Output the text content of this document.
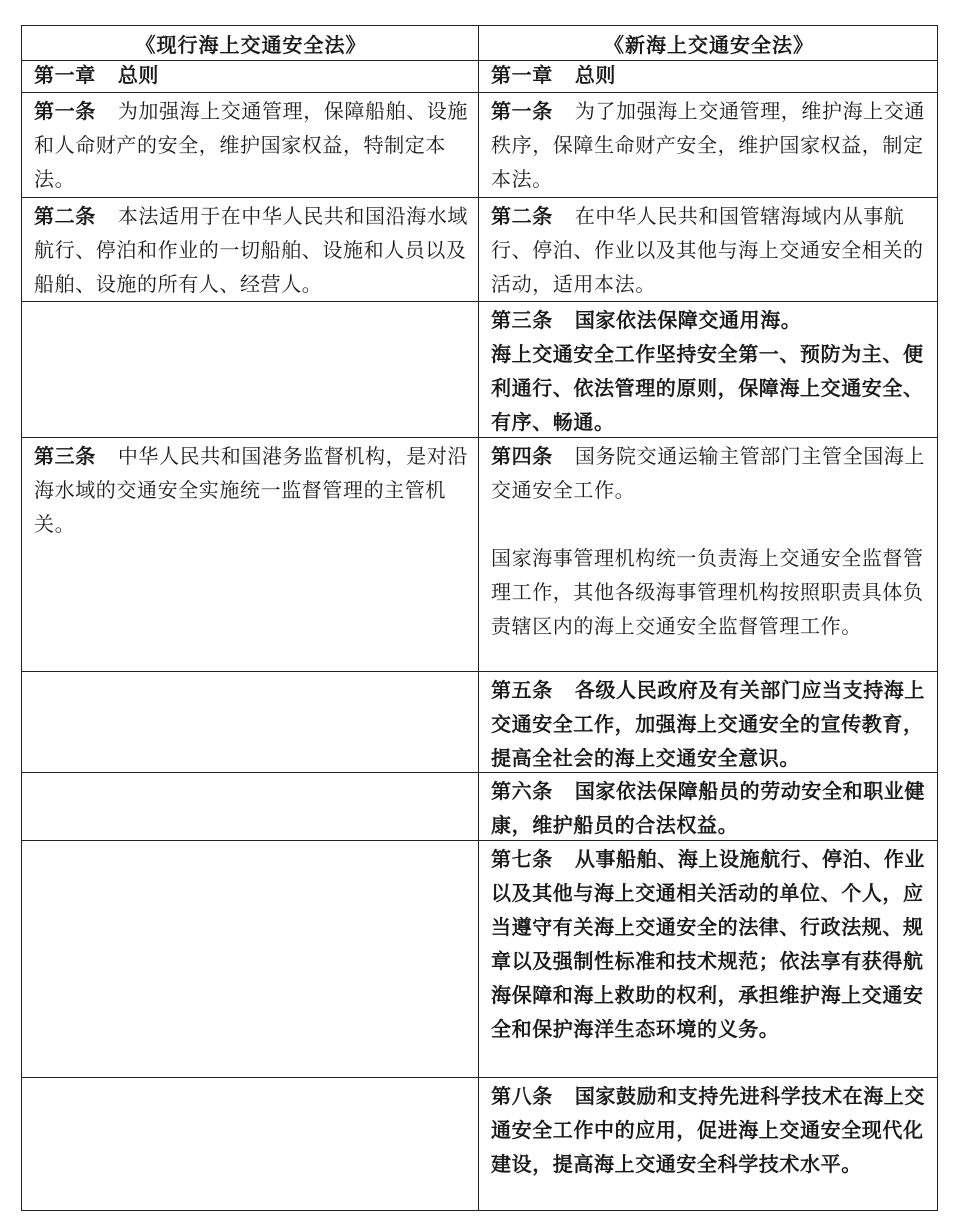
《现行海上交通安全法》	《新海上交通安全法》
第一章 总则	第一章 总则
第一条 为加强海上交通管理，保障船舶、设施和人命财产的安全，维护国家权益，特制定本法。
第一条 为了加强海上交通管理，维护海上交通秩序，保障生命财产安全，维护国家权益，制定本法。
第二条 本法适用于在中华人民共和国沿海水域航行、停泊和作业的一切船舶、设施和人员以及船舶、设施的所有人、经营人。
第二条 在中华人民共和国管辖海域内从事航行、停泊、作业以及其他与海上交通安全相关的活动，适用本法。

第三条 国家依法保障交通用海。

海上交通安全工作坚持安全第一、预防为主、便利通行、依法管理的原则，保障海上交通安全、有序、畅通。

第三条 中华人民共和国港务监督机构，是对沿海水域的交通安全实施统一监督管理的主管机关。

第四条 国务院交通运输主管部门主管全国海上交通安全工作。

国家海事管理机构统一负责海上交通安全监督管理工作，其他各级海事管理机构按照职责具体负责辖区内的海上交通安全监督管理工作。

第五条 各级人民政府及有关部门应当支持海上交通安全工作，加强海上交通安全的宣传教育，提高全社会的海上交通安全意识。
第六条 国家依法保障船员的劳动安全和职业健康，维护船员的合法权益。
第七条 从事船舶、海上设施航行、停泊、作业以及其他与海上交通相关活动的单位、个人，应当遵守有关海上交通安全的法律、行政法规、规章以及强制性标准和技术规范；依法享有获得航海保障和海上救助的权利，承担维护海上交通安全和保护海洋生态环境的义务。
第八条 国家鼓励和支持先进科学技术在海上交通安全工作中的应用，促进海上交通安全现代化建设，提高海上交通安全科学技术水平。
